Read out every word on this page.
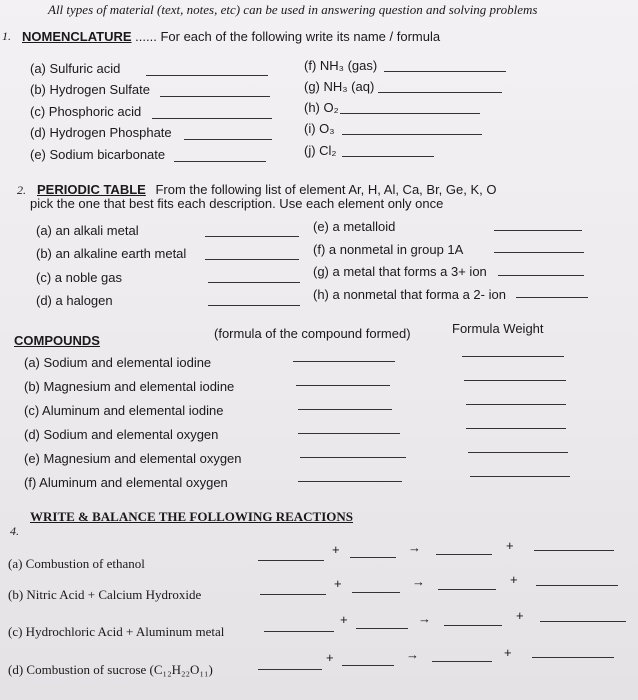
All types of material (text, notes, etc) can be used in answering question and solving problems
1. NOMENCLATURE ...... For each of the following write its name / formula
(a) Sulfuric acid
(b) Hydrogen Sulfate
(c) Phosphoric acid
(d) Hydrogen Phosphate
(e) Sodium bicarbonate
(f) NH₃ (gas)
(g) NH₃ (aq)
(h) O₂
(i) O₃
(j) Cl₂
2. PERIODIC TABLE From the following list of element Ar, H, Al, Ca, Br, Ge, K, O
pick the one that best fits each description. Use each element only once
(a) an alkali metal
(b) an alkaline earth metal
(c) a noble gas
(d) a halogen
(e) a metalloid
(f) a nonmetal in group 1A
(g) a metal that forms a 3+ ion
(h) a nonmetal that forma a 2- ion
COMPOUNDS	(formula of the compound formed)	Formula Weight
(a) Sodium and elemental iodine
(b) Magnesium and elemental iodine
(c) Aluminum and elemental iodine
(d) Sodium and elemental oxygen
(e) Magnesium and elemental oxygen
(f) Aluminum and elemental oxygen
4.
WRITE & BALANCE THE FOLLOWING REACTIONS
(a) Combustion of ethanol
+	→	+
(b) Nitric Acid + Calcium Hydroxide
+	→	+
(c) Hydrochloric Acid + Aluminum metal
+	→	+
(d) Combustion of sucrose (C₁₂H₂₂O₁₁)
+	→	+
